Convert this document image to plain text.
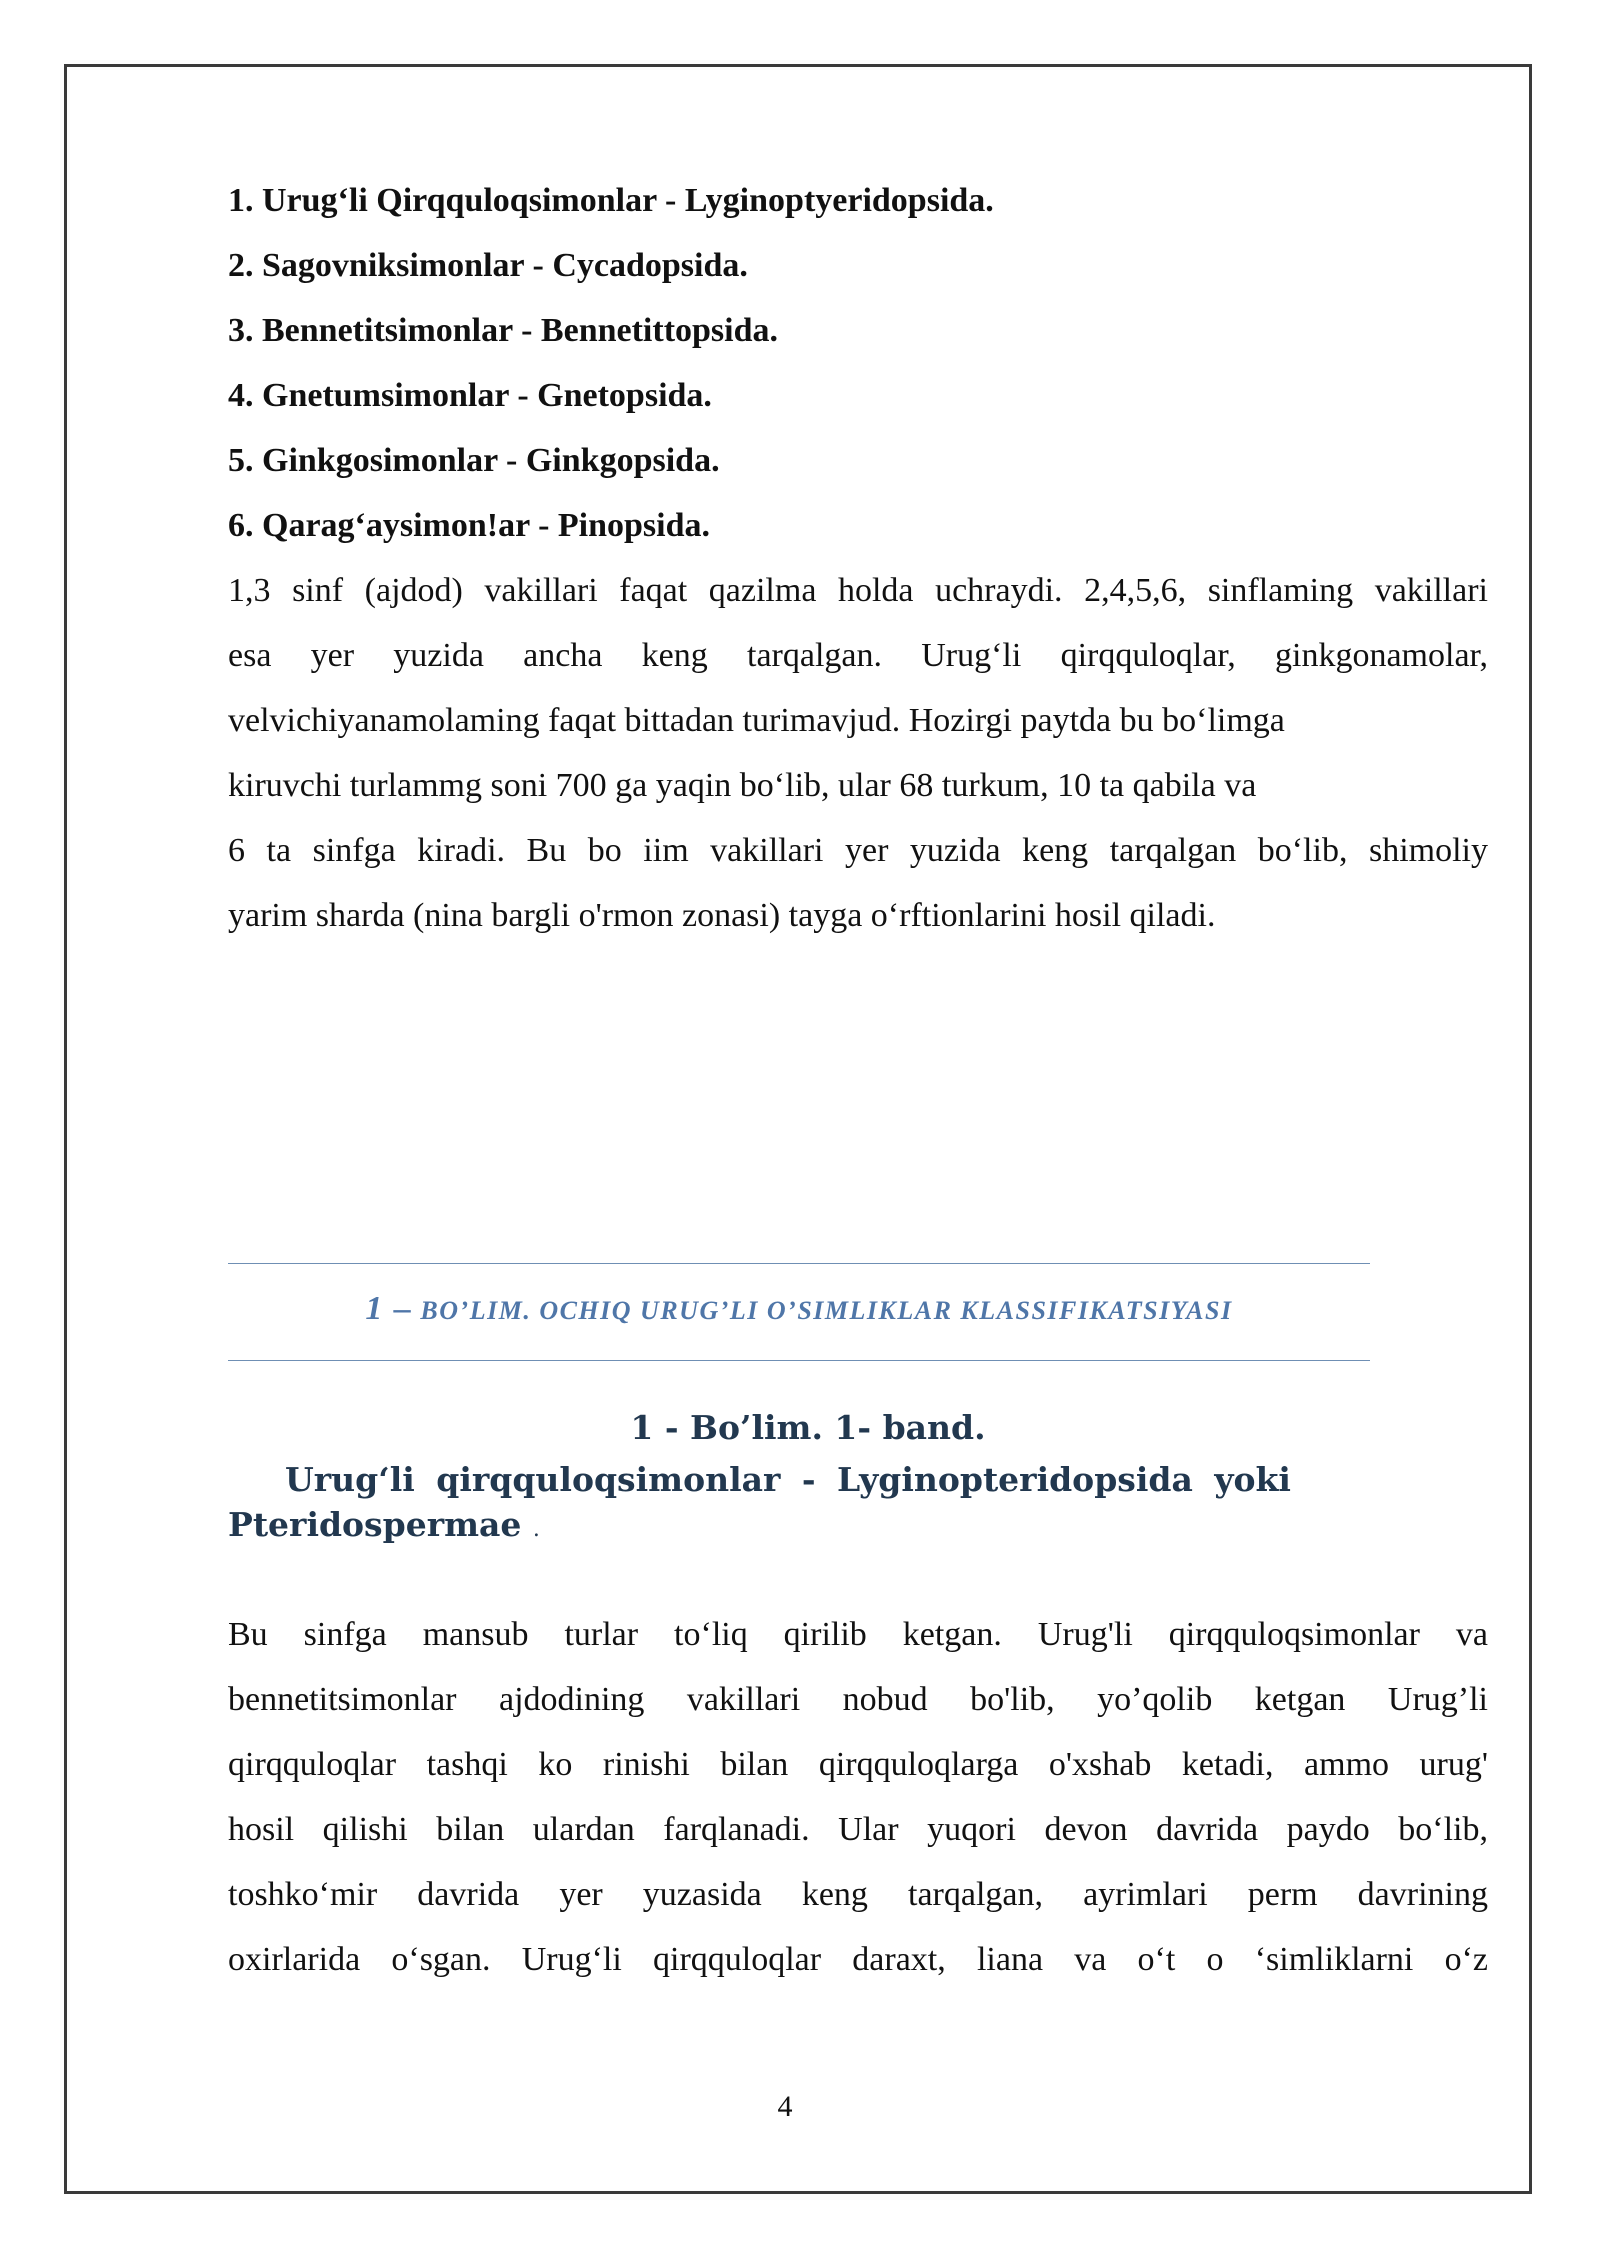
1. Urug‘li Qirqquloqsimonlar - Lyginoptyeridopsida.
2. Sagovniksimonlar - Cycadopsida.
3. Bennetitsimonlar - Bennetittopsida.
4. Gnetumsimonlar - Gnetopsida.
5. Ginkgosimonlar - Ginkgopsida.
6. Qarag‘aysimon!ar - Pinopsida.

1,3 sinf (ajdod) vakillari faqat qazilma holda uchraydi. 2,4,5,6, sinflaming vakillari
esa yer yuzida ancha keng tarqalgan. Urug‘li qirqquloqlar, ginkgonamolar,
velvichiyanamolaming faqat bittadan turimavjud. Hozirgi paytda bu bo‘limga
kiruvchi turlammg soni 700 ga yaqin bo‘lib, ular 68 turkum, 10 ta qabila va
6 ta sinfga kiradi. Bu bo iim vakillari yer yuzida keng tarqalgan bo‘lib, shimoliy
yarim sharda (nina bargli o'rmon zonasi) tayga o‘rftionlarini hosil qiladi.

1 – BO’LIM. OCHIQ URUG’LI O’SIMLIKLAR KLASSIFIKATSIYASI
1 - Bo’lim. 1- band.
Urug‘li qirqquloqsimonlar - Lyginopteridopsida yoki
Pteridospermae .

Bu sinfga mansub turlar to‘liq qirilib ketgan. Urug'li qirqquloqsimonlar va
bennetitsimonlar ajdodining vakillari nobud bo'lib, yo’qolib ketgan Urug’li
qirqquloqlar tashqi ko rinishi bilan qirqquloqlarga o'xshab ketadi, ammo urug'
hosil qilishi bilan ulardan farqlanadi. Ular yuqori devon davrida paydo bo‘lib,
toshko‘mir davrida yer yuzasida keng tarqalgan, ayrimlari perm davrining
oxirlarida o‘sgan. Urug‘li qirqquloqlar daraxt, liana va o‘t o ‘simliklarni o‘z

4
